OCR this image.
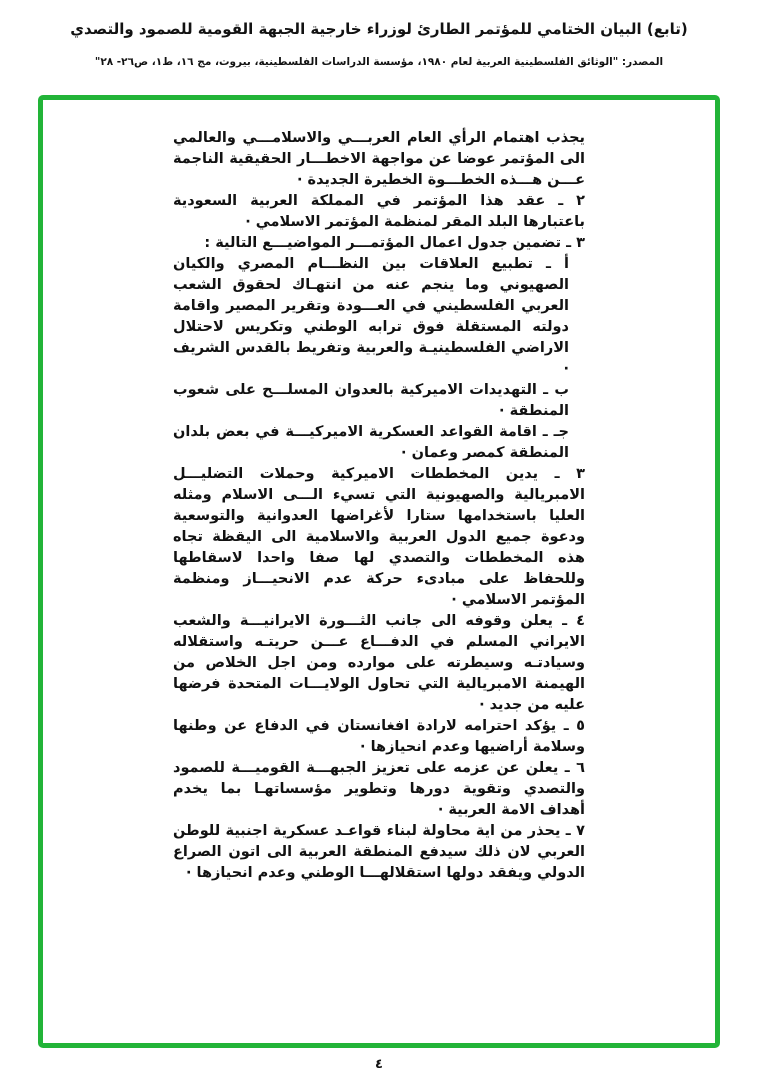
(تابع) البيان الختامي للمؤتمر الطارئ لوزراء خارجية الجبهة القومية للصمود والتصدي
المصدر: "الوثائق الفلسطينية العربية لعام ١٩٨٠، مؤسسة الدراسات الفلسطينية، بيروت، مج ١٦، ط١، ص٢٦- ٢٨"

يجذب اهتمام الرأي العام العربـــي والاسلامـــي والعالمي الى المؤتمر عوضا عن مواجهة الاخطـــار الحقيقية الناجمة عـــن هـــذه الخطـــوة الخطيرة الجديدة ·

٢ ـ عقد هذا المؤتمر في المملكة العربية السعودية باعتبارها البلد المقر لمنظمة المؤتمر الاسلامي ·

٣ ـ تضمين جدول اعمال المؤتمـــر المواضيـــع التالية :

أ ـ تطبيع العلاقات بين النظـــام المصري والكيان الصهيوني وما ينجم عنه من انتهـاك لحقوق الشعب العربي الفلسطيني في العـــودة وتقرير المصير واقامة دولته المستقلة فوق ترابه الوطني وتكريس لاحتلال الاراضي الفلسطينيـة والعربية وتفريط بالقدس الشريف ·

ب ـ التهديدات الاميركية بالعدوان المسلـــح على شعوب المنطقة ·

جـ ـ اقامة القواعد العسكرية الاميركيـــة في بعض بلدان المنطقة كمصر وعمان ·

٣ ـ يدين المخططات الاميركية وحملات التضليـــل الامبريالية والصهيونية التي تسيء الـــى الاسلام ومثله العليا باستخدامها ستارا لأغراضها العدوانية والتوسعية ودعوة جميع الدول العربية والاسلامية الى اليقظة تجاه هذه المخططات والتصدي لها صفا واحدا لاسقاطها وللحفاظ على مبادىء حركة عدم الانحيـــاز ومنظمة المؤتمر الاسلامي ·

٤ ـ يعلن وقوفه الى جانب الثـــورة الايرانيـــة والشعب الايراني المسلم في الدفـــاع عـــن حريتـه واستقلاله وسيادتـه وسيطرته على موارده ومن اجل الخلاص من الهيمنة الامبريالية التي تحاول الولايـــات المتحدة فرضها عليه من جديد ·

٥ ـ يؤكد احترامه لارادة افغانستان في الدفاع عن وطنها وسلامة أراضيها وعدم انحيازها ·

٦ ـ يعلن عن عزمه على تعزيز الجبهـــة القوميـــة للصمود والتصدي وتقوية دورها وتطوير مؤسساتهـا بما يخدم أهداف الامة العربية ·

٧ ـ يحذر من اية محاولة لبناء قواعـد عسكرية اجنبية للوطن العربي لان ذلك سيدفع المنطقة العربية الى اتون الصراع الدولي ويفقد دولها استقلالهـــا الوطني وعدم انحيازها ·

٤
